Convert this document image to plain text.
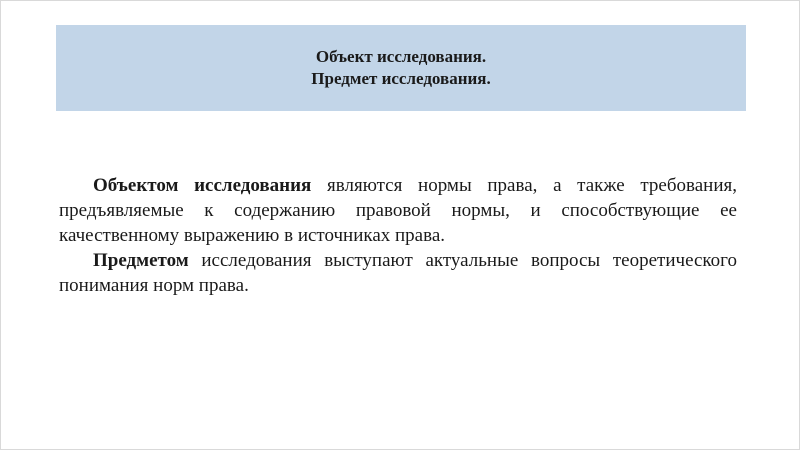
Объект исследования.
Предмет исследования.

Объектом исследования являются нормы права, а также требования, предъявляемые к содержанию правовой нормы, и способствующие ее качественному выражению в источниках права.

Предметом исследования выступают актуальные вопросы теоретического понимания норм права.
